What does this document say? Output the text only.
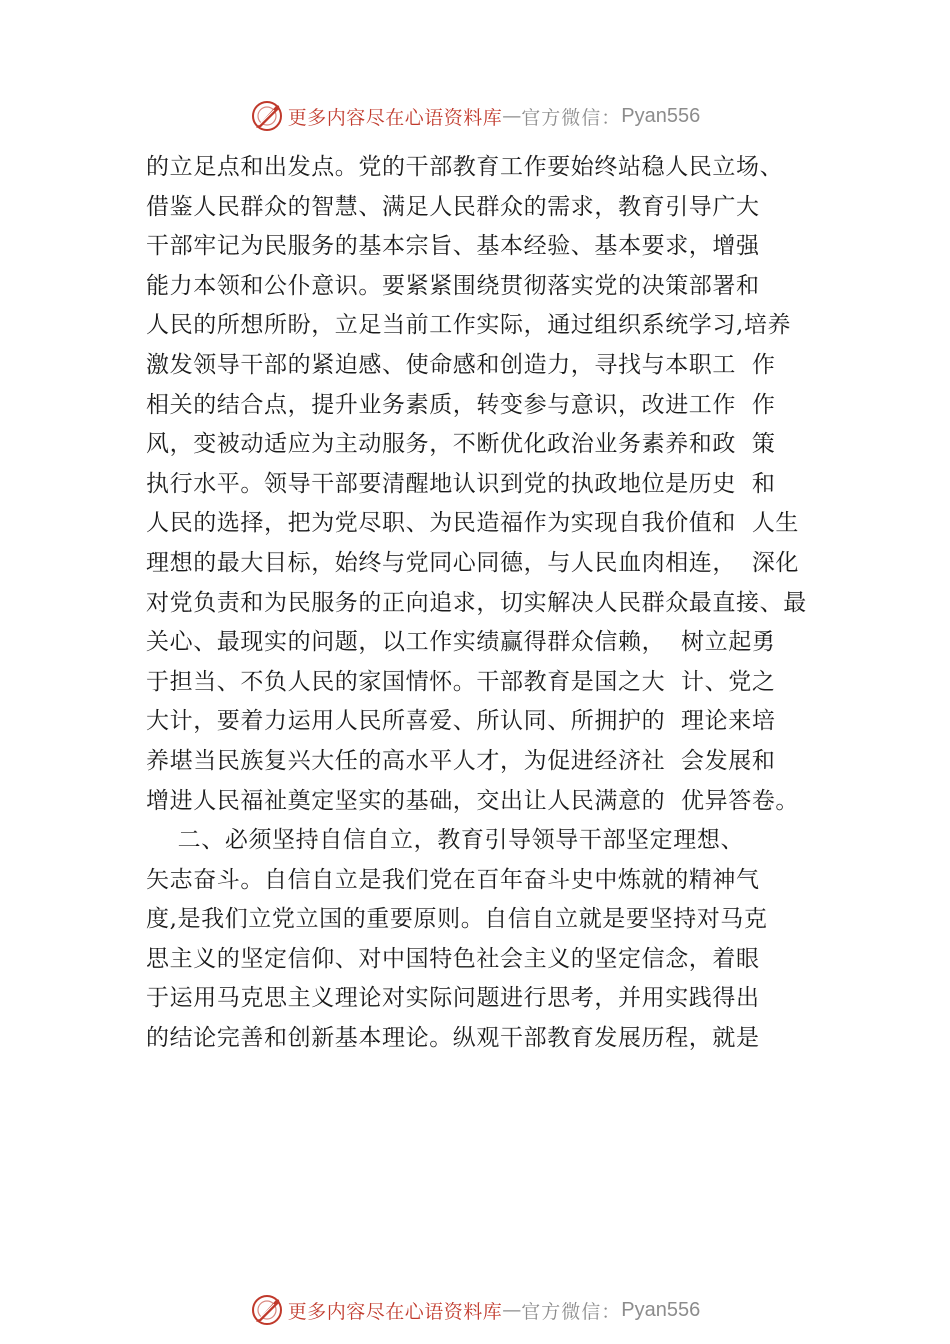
更多内容尽在心语资料库 — 官方微信： Pyan556
的立足点和出发点。党的干部教育工作要始终站稳人民立场、
借鉴人民群众的智慧、满足人民群众的需求，教育引导广大
干部牢记为民服务的基本宗旨、基本经验、基本要求，增强
能力本领和公仆意识。要紧紧围绕贯彻落实党的决策部署和
人民的所想所盼，立足当前工作实际，通过组织系统学习,培养
激发领导干部的紧迫感、使命感和创造力，寻找与本职工  作
相关的结合点，提升业务素质，转变参与意识，改进工作  作
风，变被动适应为主动服务，不断优化政治业务素养和政  策
执行水平。领导干部要清醒地认识到党的执政地位是历史  和
人民的选择，把为党尽职、为民造福作为实现自我价值和  人生
理想的最大目标，始终与党同心同德，与人民血肉相连，  深化
对党负责和为民服务的正向追求，切实解决人民群众最直接、最
关心、最现实的问题，以工作实绩赢得群众信赖，  树立起勇
于担当、不负人民的家国情怀。干部教育是国之大  计、党之
大计，要着力运用人民所喜爱、所认同、所拥护的  理论来培
养堪当民族复兴大任的高水平人才，为促进经济社  会发展和
增进人民福祉奠定坚实的基础，交出让人民满意的  优异答卷。
二、必须坚持自信自立，教育引导领导干部坚定理想、
矢志奋斗。自信自立是我们党在百年奋斗史中炼就的精神气
度,是我们立党立国的重要原则。自信自立就是要坚持对马克
思主义的坚定信仰、对中国特色社会主义的坚定信念，着眼
于运用马克思主义理论对实际问题进行思考，并用实践得出
的结论完善和创新基本理论。纵观干部教育发展历程，就是
更多内容尽在心语资料库 — 官方微信： Pyan556
